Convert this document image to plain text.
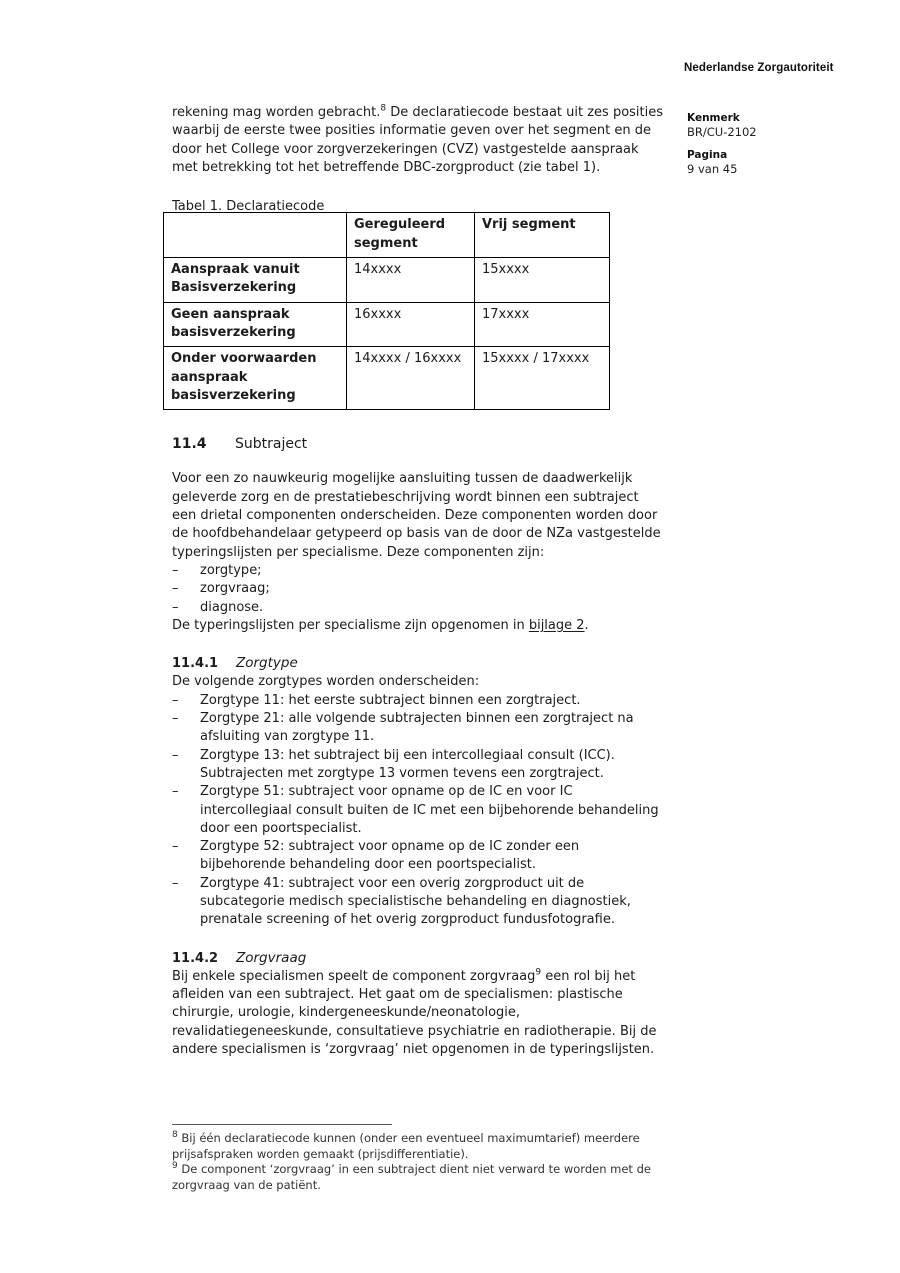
Nederlandse Zorgautoriteit
Kenmerk
BR/CU-2102
Pagina
9 van 45

rekening mag worden gebracht.$^8$ De declaratiecode bestaat uit zes posities waarbij de eerste twee posities informatie geven over het segment en de door het College voor zorgverzekeringen (CVZ) vastgestelde aanspraak met betrekking tot het betreffende DBC-zorgproduct (zie tabel 1).

Tabel 1. Declaratiecode
	Gereguleerd segment	Vrij segment
Aanspraak vanuit Basisverzekering	14xxxx	15xxxx
Geen aanspraak basisverzekering	16xxxx	17xxxx
Onder voorwaarden aanspraak basisverzekering	14xxxx / 16xxxx	15xxxx / 17xxxx
11.4 Subtraject

Voor een zo nauwkeurig mogelijke aansluiting tussen de daadwerkelijk geleverde zorg en de prestatiebeschrijving wordt binnen een subtraject een drietal componenten onderscheiden. Deze componenten worden door de hoofdbehandelaar getypeerd op basis van de door de NZa vastgestelde typeringslijsten per specialisme. Deze componenten zijn:

–	zorgtype;
–	zorgvraag;
–	diagnose.

De typeringslijsten per specialisme zijn opgenomen in bijlage 2.

11.4.1 Zorgtype

De volgende zorgtypes worden onderscheiden:

–	Zorgtype 11: het eerste subtraject binnen een zorgtraject.
–	Zorgtype 21: alle volgende subtrajecten binnen een zorgtraject na afsluiting van zorgtype 11.
–	Zorgtype 13: het subtraject bij een intercollegiaal consult (ICC). Subtrajecten met zorgtype 13 vormen tevens een zorgtraject.
–	Zorgtype 51: subtraject voor opname op de IC en voor IC intercollegiaal consult buiten de IC met een bijbehorende behandeling door een poortspecialist.
–	Zorgtype 52: subtraject voor opname op de IC zonder een bijbehorende behandeling door een poortspecialist.
–	Zorgtype 41: subtraject voor een overig zorgproduct uit de subcategorie medisch specialistische behandeling en diagnostiek, prenatale screening of het overig zorgproduct fundusfotografie.
11.4.2 Zorgvraag

Bij enkele specialismen speelt de component zorgvraag$^9$ een rol bij het afleiden van een subtraject. Het gaat om de specialismen: plastische chirurgie, urologie, kindergeneeskunde/neonatologie, revalidatiegeneeskunde, consultatieve psychiatrie en radiotherapie. Bij de andere specialismen is ‘zorgvraag’ niet opgenomen in de typeringslijsten.

$^8$ Bij één declaratiecode kunnen (onder een eventueel maximumtarief) meerdere prijsafspraken worden gemaakt (prijsdifferentiatie).

$^9$ De component ‘zorgvraag’ in een subtraject dient niet verward te worden met de zorgvraag van de patiënt.
